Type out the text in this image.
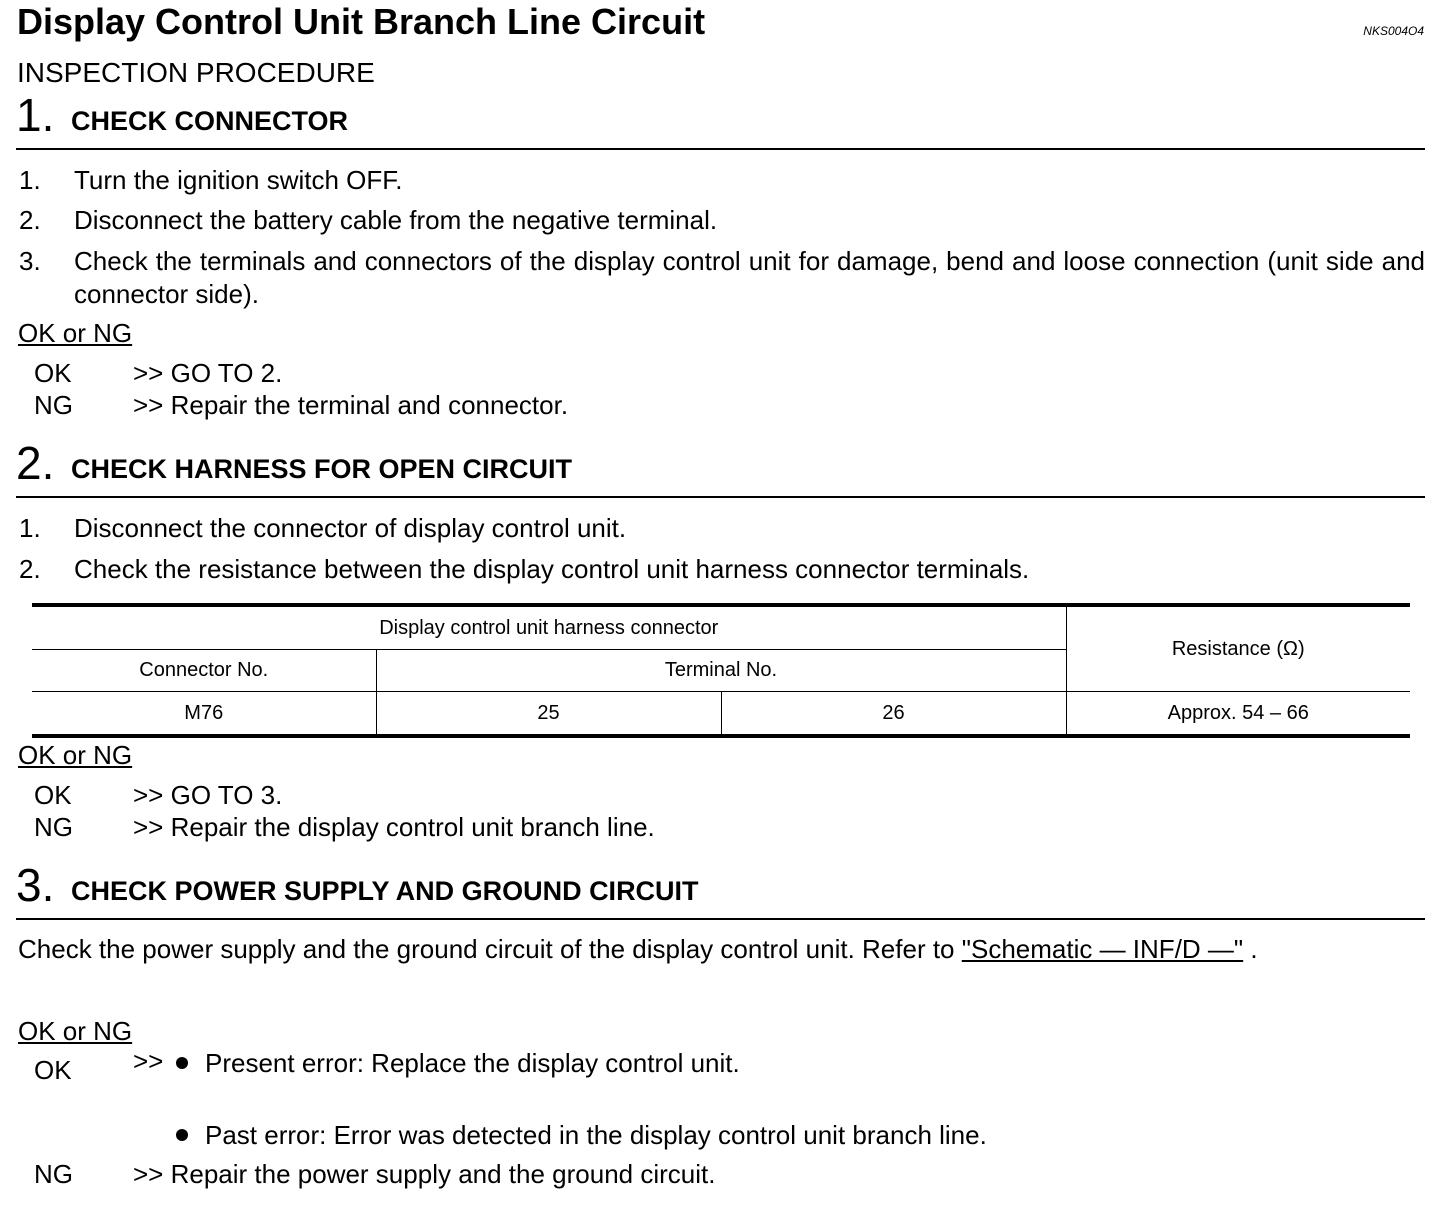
Display Control Unit Branch Line Circuit	NKS004O4
INSPECTION PROCEDURE
1. CHECK CONNECTOR
1. Turn the ignition switch OFF.
2. Disconnect the battery cable from the negative terminal.
3. Check the terminals and connectors of the display control unit for damage, bend and loose connection (unit side and connector side).
OK or NG
OK >> GO TO 2.
NG >> Repair the terminal and connector.
2. CHECK HARNESS FOR OPEN CIRCUIT
1. Disconnect the connector of display control unit.
2. Check the resistance between the display control unit harness connector terminals.
Display control unit harness connector			Resistance (Ω)
Connector No.	Terminal No.		
M76	25	26	Approx. 54 – 66
OK or NG
OK >> GO TO 3.
NG >> Repair the display control unit branch line.
3. CHECK POWER SUPPLY AND GROUND CIRCUIT
Check the power supply and the ground circuit of the display control unit. Refer to "Schematic — INF/D —" .
OK or NG
OK >>	Present error: Replace the display control unit.
Past error: Error was detected in the display control unit branch line.
NG >> Repair the power supply and the ground circuit.
